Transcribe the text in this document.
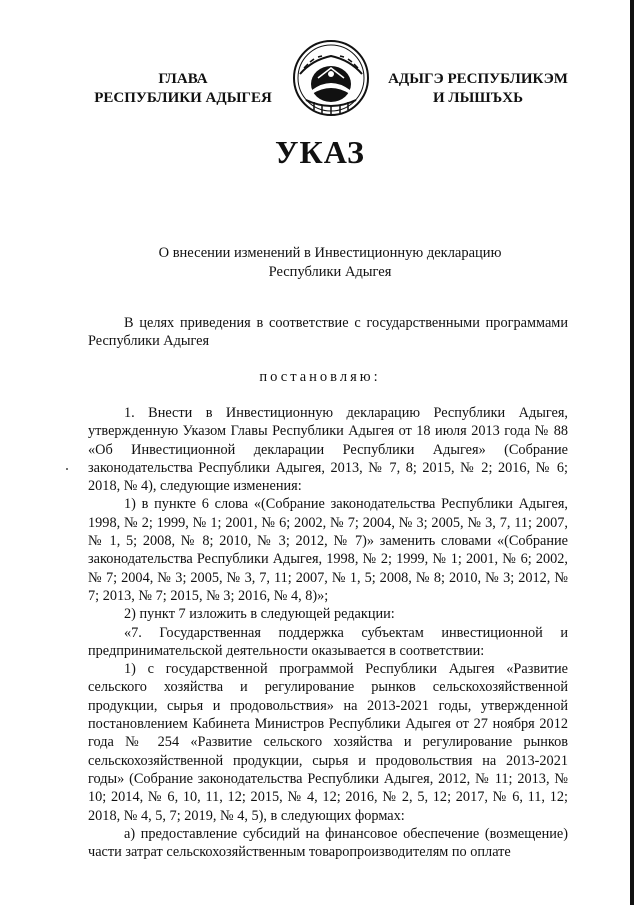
ГЛАВА
РЕСПУБЛИКИ АДЫГЕЯ
АДЫГЭ РЕСПУБЛИКЭМ
И ЛЫШЪХЬ
УКАЗ
О внесении изменений в Инвестиционную декларацию
Республики Адыгея

В целях приведения в соответствие с государственными программами Республики Адыгея

постановляю:

1. Внести в Инвестиционную декларацию Республики Адыгея, утвержденную Указом Главы Республики Адыгея от 18 июля 2013 года № 88 «Об Инвестиционной декларации Республики Адыгея» (Собрание законодательства Республики Адыгея, 2013, № 7, 8; 2015, № 2; 2016, № 6; 2018, № 4), следующие изменения:

1) в пункте 6 слова «(Собрание законодательства Республики Адыгея, 1998, № 2; 1999, № 1; 2001, № 6; 2002, № 7; 2004, № 3; 2005, № 3, 7, 11; 2007, № 1, 5; 2008, № 8; 2010, № 3; 2012, № 7)» заменить словами «(Собрание законодательства Республики Адыгея, 1998, № 2; 1999, № 1; 2001, № 6; 2002, № 7; 2004, № 3; 2005, № 3, 7, 11; 2007, № 1, 5; 2008, № 8; 2010, № 3; 2012, № 7; 2013, № 7; 2015, № 3; 2016, № 4, 8)»;

2) пункт 7 изложить в следующей редакции:

«7. Государственная поддержка субъектам инвестиционной и предпринимательской деятельности оказывается в соответствии:

1) с государственной программой Республики Адыгея «Развитие сельского хозяйства и регулирование рынков сельскохозяйственной продукции, сырья и продовольствия» на 2013-2021 годы, утвержденной постановлением Кабинета Министров Республики Адыгея от 27 ноября 2012 года № 254 «Развитие сельского хозяйства и регулирование рынков сельскохозяйственной продукции, сырья и продовольствия на 2013-2021 годы» (Собрание законодательства Республики Адыгея, 2012, № 11; 2013, № 10; 2014, № 6, 10, 11, 12; 2015, № 4, 12; 2016, № 2, 5, 12; 2017, № 6, 11, 12; 2018, № 4, 5, 7; 2019, № 4, 5), в следующих формах:

а) предоставление субсидий на финансовое обеспечение (возмещение) части затрат сельскохозяйственным товаропроизводителям по оплате
